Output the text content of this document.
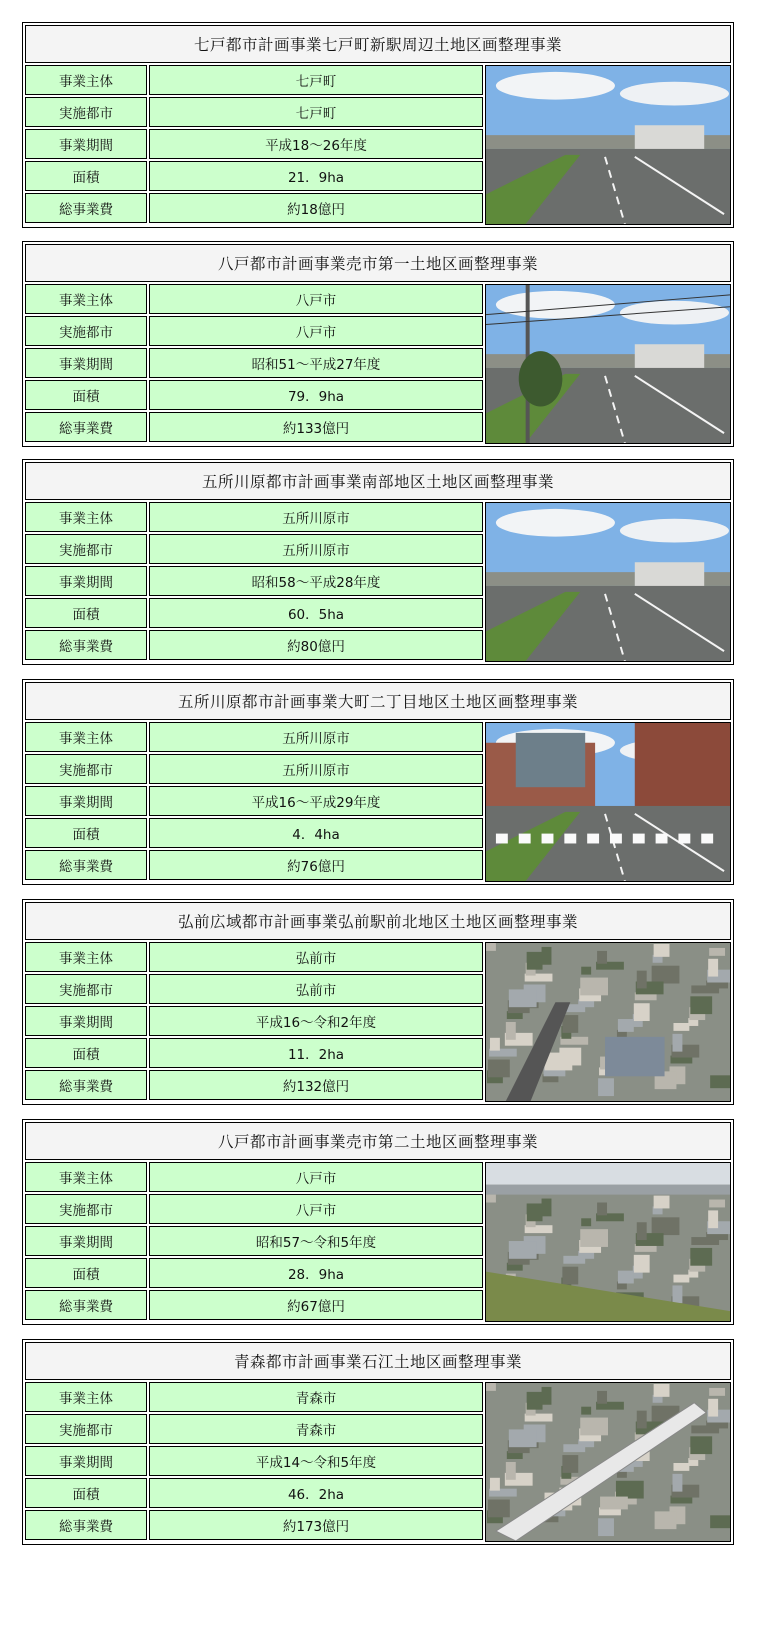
七戸都市計画事業七戸町新駅周辺土地区画整理事業
事業主体	七戸町
実施都市	七戸町
事業期間	平成18～26年度
面積	21．9ha
総事業費	約18億円
八戸都市計画事業売市第一土地区画整理事業
事業主体	八戸市
実施都市	八戸市
事業期間	昭和51～平成27年度
面積	79．9ha
総事業費	約133億円
五所川原都市計画事業南部地区土地区画整理事業
事業主体	五所川原市
実施都市	五所川原市
事業期間	昭和58～平成28年度
面積	60．5ha
総事業費	約80億円
五所川原都市計画事業大町二丁目地区土地区画整理事業
事業主体	五所川原市
実施都市	五所川原市
事業期間	平成16～平成29年度
面積	4．4ha
総事業費	約76億円
弘前広域都市計画事業弘前駅前北地区土地区画整理事業
事業主体	弘前市
実施都市	弘前市
事業期間	平成16～令和2年度
面積	11．2ha
総事業費	約132億円
八戸都市計画事業売市第二土地区画整理事業
事業主体	八戸市
実施都市	八戸市
事業期間	昭和57～令和5年度
面積	28．9ha
総事業費	約67億円
青森都市計画事業石江土地区画整理事業
事業主体	青森市
実施都市	青森市
事業期間	平成14～令和5年度
面積	46．2ha
総事業費	約173億円
